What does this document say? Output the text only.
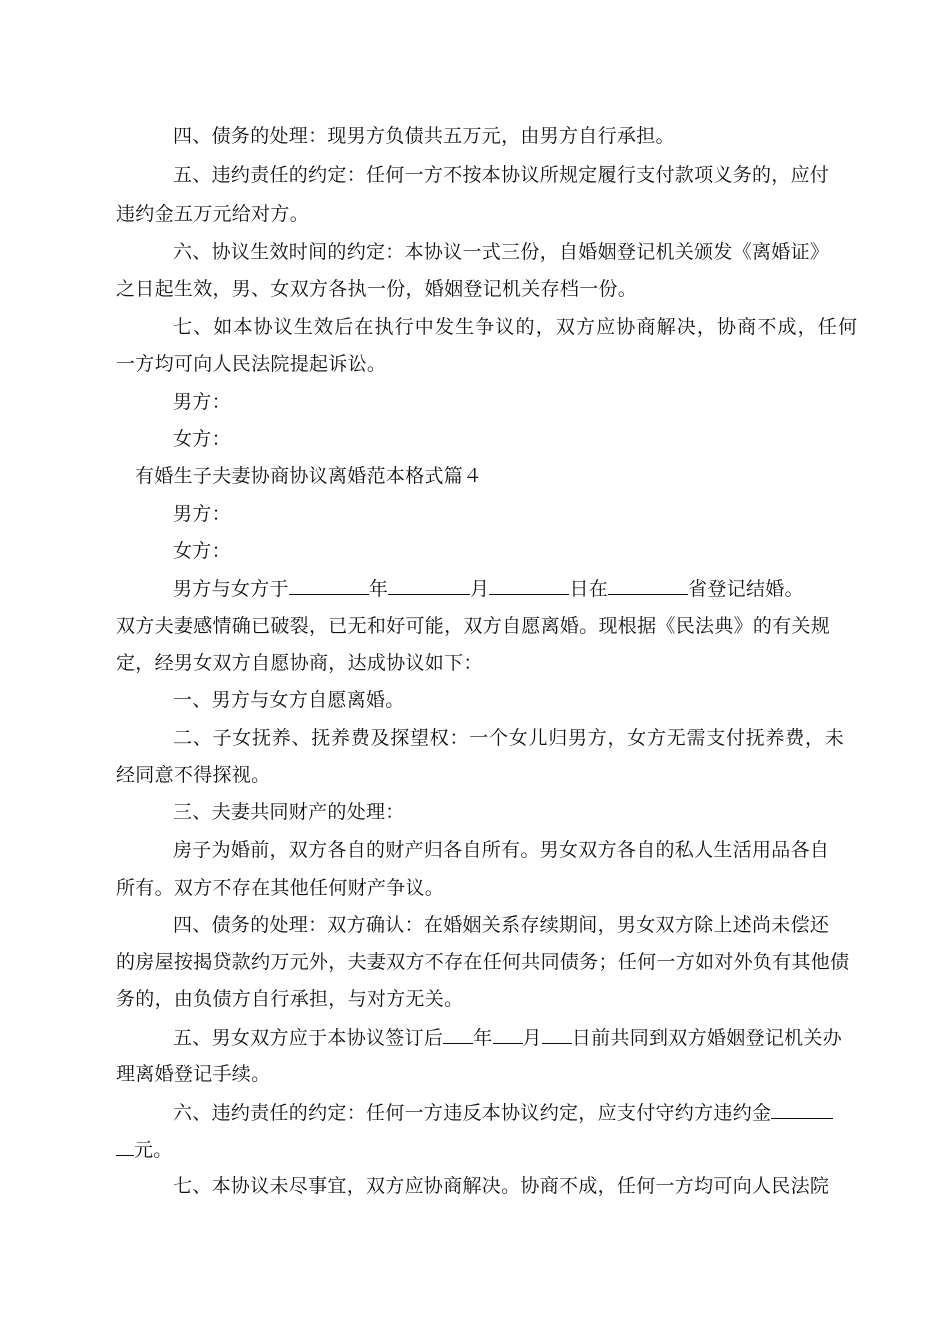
四、债务的处理：现男方负债共五万元，由男方自行承担。
五、违约责任的约定：任何一方不按本协议所规定履行支付款项义务的，应付
违约金五万元给对方。
六、协议生效时间的约定：本协议一式三份，自婚姻登记机关颁发《离婚证》
之日起生效，男、女双方各执一份，婚姻登记机关存档一份。
七、如本协议生效后在执行中发生争议的，双方应协商解决，协商不成，任何
一方均可向人民法院提起诉讼。
男方：
女方：
有婚生子夫妻协商协议离婚范本格式篇４
男方：
女方：
男方与女方于	年	月	日在	省登记结婚。
双方夫妻感情确已破裂，已无和好可能，双方自愿离婚。现根据《民法典》的有关规
定，经男女双方自愿协商，达成协议如下：
一、男方与女方自愿离婚。
二、子女抚养、抚养费及探望权：一个女儿归男方，女方无需支付抚养费，未
经同意不得探视。
三、夫妻共同财产的处理：
房子为婚前，双方各自的财产归各自所有。男女双方各自的私人生活用品各自
所有。双方不存在其他任何财产争议。
四、债务的处理：双方确认：在婚姻关系存续期间，男女双方除上述尚未偿还
的房屋按揭贷款约万元外，夫妻双方不存在任何共同债务；任何一方如对外负有其他债
务的，由负债方自行承担，与对方无关。
五、男女双方应于本协议签订后 年 月 日前共同到双方婚姻登记机关办
理离婚登记手续。
六、违约责任的约定：任何一方违反本协议约定，应支付守约方违约金
元。
七、本协议未尽事宜，双方应协商解决。协商不成，任何一方均可向人民法院
